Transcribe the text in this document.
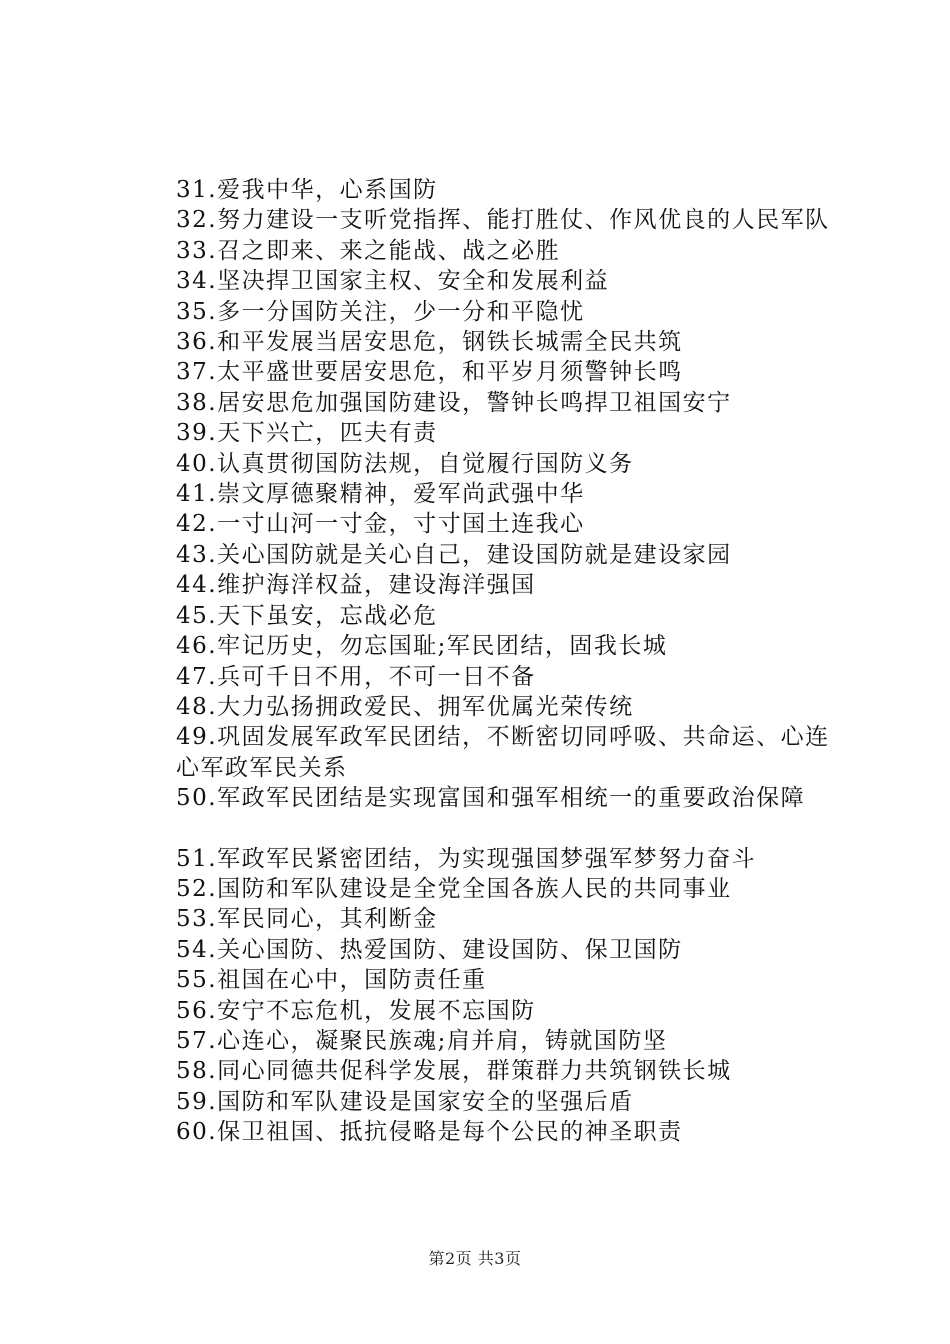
31.爱我中华，心系国防

32.努力建设一支听党指挥、能打胜仗、作风优良的人民军队

33.召之即来、来之能战、战之必胜

34.坚决捍卫国家主权、安全和发展利益

35.多一分国防关注，少一分和平隐忧

36.和平发展当居安思危，钢铁长城需全民共筑

37.太平盛世要居安思危，和平岁月须警钟长鸣

38.居安思危加强国防建设，警钟长鸣捍卫祖国安宁

39.天下兴亡，匹夫有责

40.认真贯彻国防法规，自觉履行国防义务

41.崇文厚德聚精神，爱军尚武强中华

42.一寸山河一寸金，寸寸国土连我心

43.关心国防就是关心自己，建设国防就是建设家园

44.维护海洋权益，建设海洋强国

45.天下虽安，忘战必危

46.牢记历史，勿忘国耻;军民团结，固我长城

47.兵可千日不用，不可一日不备

48.大力弘扬拥政爱民、拥军优属光荣传统

49.巩固发展军政军民团结，不断密切同呼吸、共命运、心连心军政军民关系

50.军政军民团结是实现富国和强军相统一的重要政治保障

51.军政军民紧密团结，为实现强国梦强军梦努力奋斗

52.国防和军队建设是全党全国各族人民的共同事业

53.军民同心，其利断金

54.关心国防、热爱国防、建设国防、保卫国防

55.祖国在心中，国防责任重

56.安宁不忘危机，发展不忘国防

57.心连心，凝聚民族魂;肩并肩，铸就国防坚

58.同心同德共促科学发展，群策群力共筑钢铁长城

59.国防和军队建设是国家安全的坚强后盾

60.保卫祖国、抵抗侵略是每个公民的神圣职责

第2页 共3页
